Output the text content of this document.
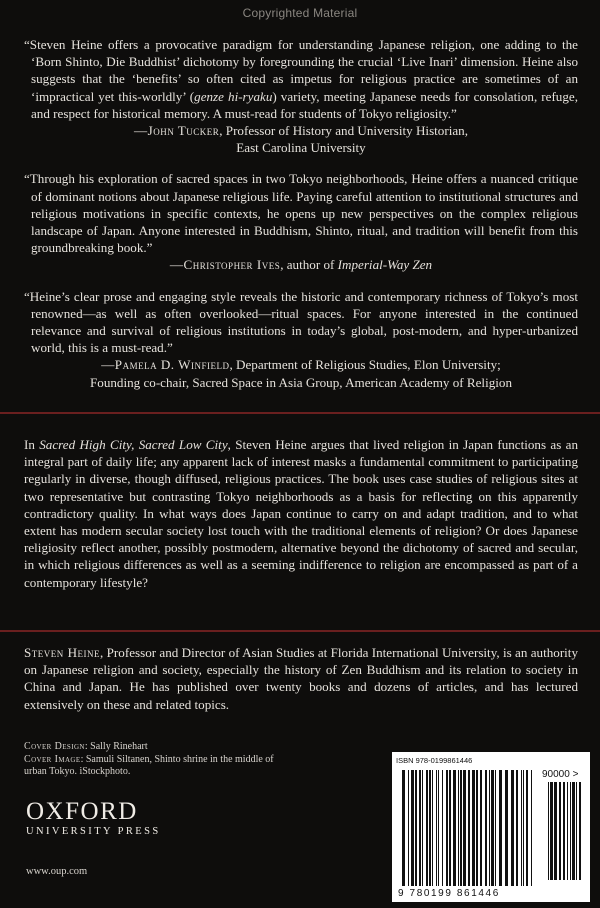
Copyrighted Material
“Steven Heine offers a provocative paradigm for understanding Japanese religion, one adding to the ‘Born Shinto, Die Buddhist’ dichotomy by foregrounding the crucial ‘Live Inari’ dimension. Heine also suggests that the ‘benefits’ so often cited as impetus for religious practice are sometimes of an ‘impractical yet this-worldly’ (genze hi-ryaku) variety, meeting Japanese needs for consolation, refuge, and respect for historical memory. A must-read for students of Tokyo religiosity.”
—John Tucker, Professor of History and University Historian,
East Carolina University
“Through his exploration of sacred spaces in two Tokyo neighborhoods, Heine offers a nuanced critique of dominant notions about Japanese religious life. Paying careful attention to institutional structures and religious motivations in specific contexts, he opens up new perspectives on the complex religious landscape of Japan. Anyone interested in Buddhism, Shinto, ritual, and tradition will benefit from this groundbreaking book.”
—Christopher Ives, author of Imperial-Way Zen
“Heine’s clear prose and engaging style reveals the historic and contemporary richness of Tokyo’s most renowned—as well as often overlooked—ritual spaces. For anyone interested in the continued relevance and survival of religious institutions in today’s global, post-modern, and hyper-urbanized world, this is a must-read.”
—Pamela D. Winfield, Department of Religious Studies, Elon University;
Founding co-chair, Sacred Space in Asia Group, American Academy of Religion
In Sacred High City, Sacred Low City, Steven Heine argues that lived religion in Japan functions as an integral part of daily life; any apparent lack of interest masks a fundamental commitment to participating regularly in diverse, though diffused, religious practices. The book uses case studies of religious sites at two representative but contrasting Tokyo neighborhoods as a basis for reflecting on this apparently contradictory quality. In what ways does Japan continue to carry on and adapt tradition, and to what extent has modern secular society lost touch with the traditional elements of religion? Or does Japanese religiosity reflect another, possibly postmodern, alternative beyond the dichotomy of sacred and secular, in which religious differences as well as a seeming indifference to religion are encompassed as part of a contemporary lifestyle?
Steven Heine, Professor and Director of Asian Studies at Florida International University, is an authority on Japanese religion and society, especially the history of Zen Buddhism and its relation to society in China and Japan. He has published over twenty books and dozens of articles, and has lectured extensively on these and related topics.
Cover Design: Sally Rinehart
Cover Image: Samuli Siltanen, Shinto shrine in the middle of urban Tokyo. iStockphoto.
OXFORD
UNIVERSITY PRESS
www.oup.com
ISBN 978-0199861446
90000 >
9 780199 861446
